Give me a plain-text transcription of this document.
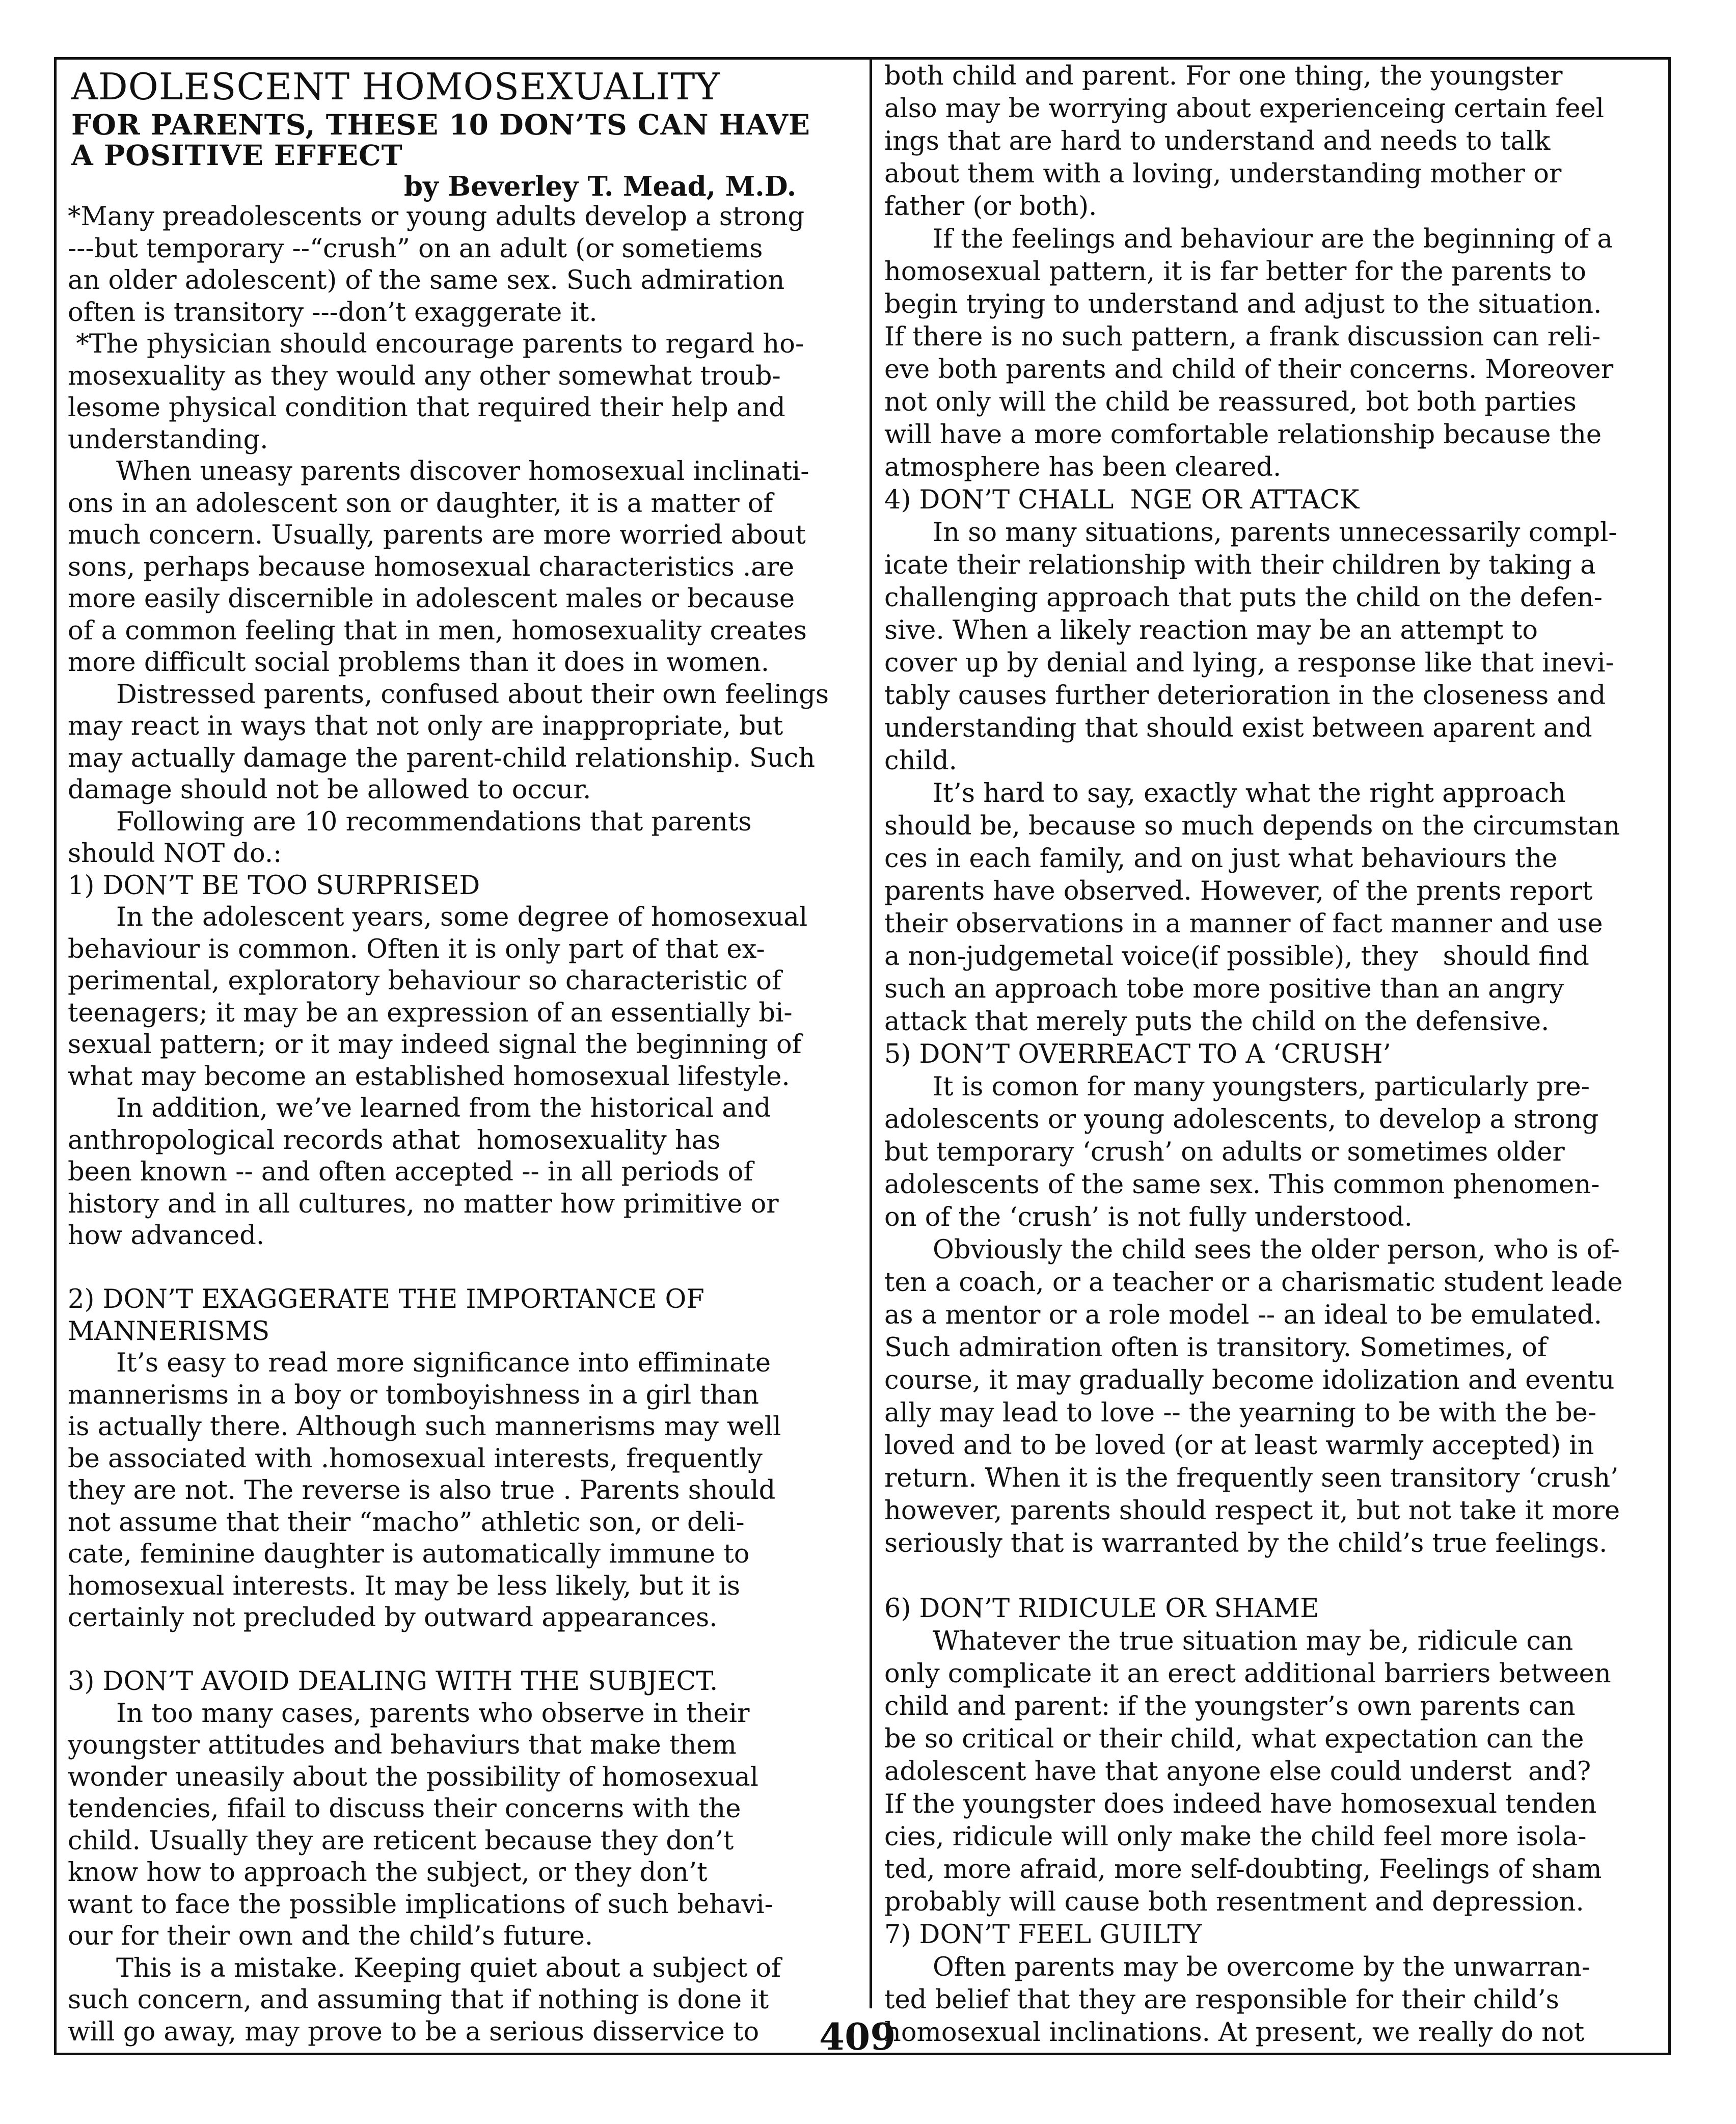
ADOLESCENT HOMOSEXUALITY
FOR PARENTS, THESE 10 DON’TS CAN HAVE
A POSITIVE EFFECT
by Beverley T. Mead, M.D.
*Many preadolescents or young adults develop a strong
---but temporary --“crush” on an adult (or sometiems
an older adolescent) of the same sex. Such admiration
often is transitory ---don’t exaggerate it.
*The physician should encourage parents to regard ho-
mosexuality as they would any other somewhat troub-
lesome physical condition that required their help and
understanding.
When uneasy parents discover homosexual inclinati-
ons in an adolescent son or daughter, it is a matter of
much concern. Usually, parents are more worried about
sons, perhaps because homosexual characteristics .are
more easily discernible in adolescent males or because
of a common feeling that in men, homosexuality creates
more difficult social problems than it does in women.
Distressed parents, confused about their own feelings
may react in ways that not only are inappropriate, but
may actually damage the parent-child relationship. Such
damage should not be allowed to occur.
Following are 10 recommendations that parents
should NOT do.:
1) DON’T BE TOO SURPRISED
In the adolescent years, some degree of homosexual
behaviour is common. Often it is only part of that ex-
perimental, exploratory behaviour so characteristic of
teenagers; it may be an expression of an essentially bi-
sexual pattern; or it may indeed signal the beginning of
what may become an established homosexual lifestyle.
In addition, we’ve learned from the historical and
anthropological records athat  homosexuality has
been known -- and often accepted -- in all periods of
history and in all cultures, no matter how primitive or
how advanced.
2) DON’T EXAGGERATE THE IMPORTANCE OF
MANNERISMS
It’s easy to read more significance into effiminate
mannerisms in a boy or tomboyishness in a girl than
is actually there. Although such mannerisms may well
be associated with .homosexual interests, frequently
they are not. The reverse is also true . Parents should
not assume that their “macho” athletic son, or deli-
cate, feminine daughter is automatically immune to
homosexual interests. It may be less likely, but it is
certainly not precluded by outward appearances.
3) DON’T AVOID DEALING WITH THE SUBJECT.
In too many cases, parents who observe in their
youngster attitudes and behaviurs that make them
wonder uneasily about the possibility of homosexual
tendencies, fifail to discuss their concerns with the
child. Usually they are reticent because they don’t
know how to approach the subject, or they don’t
want to face the possible implications of such behavi-
our for their own and the child’s future.
This is a mistake. Keeping quiet about a subject of
such concern, and assuming that if nothing is done it
will go away, may prove to be a serious disservice to
both child and parent. For one thing, the youngster
also may be worrying about experienceing certain feel
ings that are hard to understand and needs to talk
about them with a loving, understanding mother or
father (or both).
If the feelings and behaviour are the beginning of a
homosexual pattern, it is far better for the parents to
begin trying to understand and adjust to the situation.
If there is no such pattern, a frank discussion can reli-
eve both parents and child of their concerns. Moreover
not only will the child be reassured, bot both parties
will have a more comfortable relationship because the
atmosphere has been cleared.
4) DON’T CHALL  NGE OR ATTACK
In so many situations, parents unnecessarily compl-
icate their relationship with their children by taking a
challenging approach that puts the child on the defen-
sive. When a likely reaction may be an attempt to
cover up by denial and lying, a response like that inevi-
tably causes further deterioration in the closeness and
understanding that should exist between aparent and
child.
It’s hard to say, exactly what the right approach
should be, because so much depends on the circumstan
ces in each family, and on just what behaviours the
parents have observed. However, of the prents report
their observations in a manner of fact manner and use
a non-judgemetal voice(if possible), they   should find
such an approach tobe more positive than an angry
attack that merely puts the child on the defensive.
5) DON’T OVERREACT TO A ‘CRUSH’
It is comon for many youngsters, particularly pre-
adolescents or young adolescents, to develop a strong
but temporary ‘crush’ on adults or sometimes older
adolescents of the same sex. This common phenomen-
on of the ‘crush’ is not fully understood.
Obviously the child sees the older person, who is of-
ten a coach, or a teacher or a charismatic student leade
as a mentor or a role model -- an ideal to be emulated.
Such admiration often is transitory. Sometimes, of
course, it may gradually become idolization and eventu
ally may lead to love -- the yearning to be with the be-
loved and to be loved (or at least warmly accepted) in
return. When it is the frequently seen transitory ‘crush’
however, parents should respect it, but not take it more
seriously that is warranted by the child’s true feelings.
6) DON’T RIDICULE OR SHAME
Whatever the true situation may be, ridicule can
only complicate it an erect additional barriers between
child and parent: if the youngster’s own parents can
be so critical or their child, what expectation can the
adolescent have that anyone else could underst  and?
If the youngster does indeed have homosexual tenden
cies, ridicule will only make the child feel more isola-
ted, more afraid, more self-doubting, Feelings of sham
probably will cause both resentment and depression.
7) DON’T FEEL GUILTY
Often parents may be overcome by the unwarran-
ted belief that they are responsible for their child’s
homosexual inclinations. At present, we really do not
409
